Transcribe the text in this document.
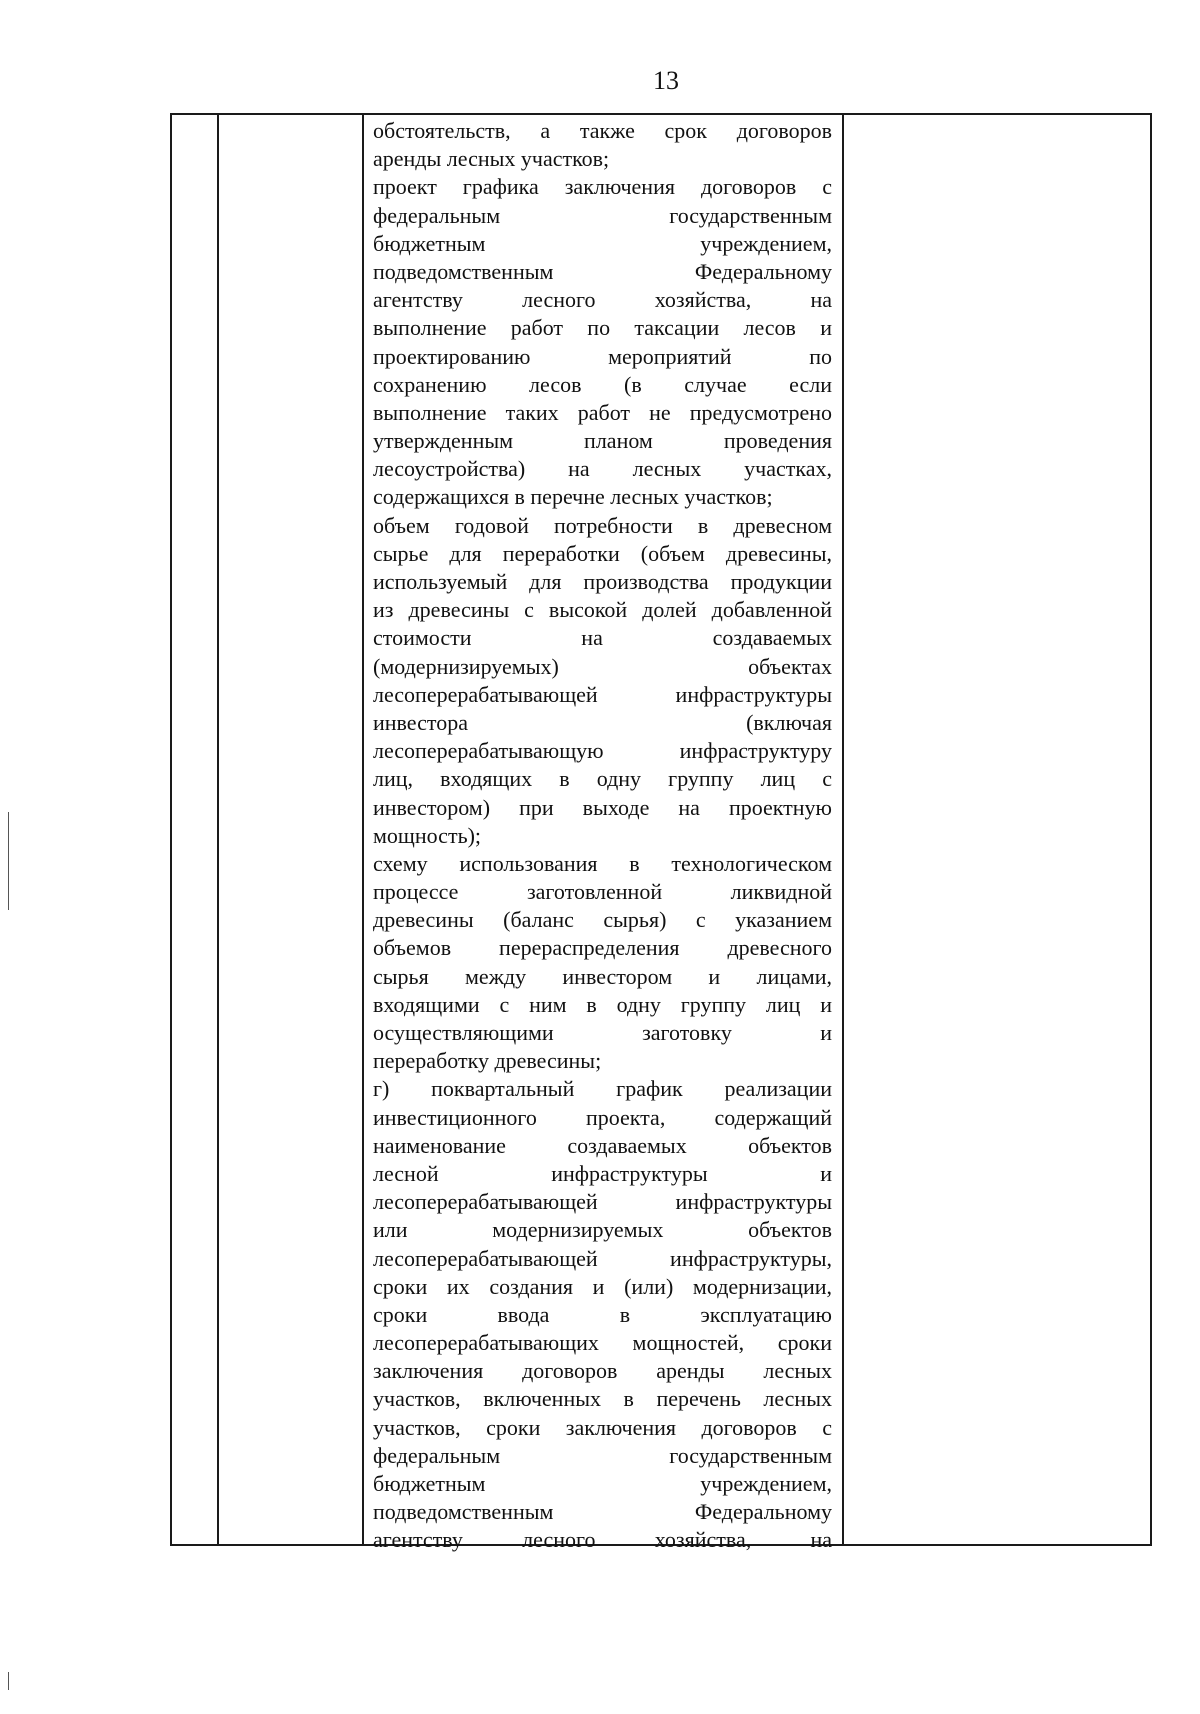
13
обстоятельств, а также срок договоров
аренды лесных участков;
проект графика заключения договоров с
федеральным государственным
бюджетным учреждением,
подведомственным Федеральному
агентству лесного хозяйства, на
выполнение работ по таксации лесов и
проектированию мероприятий по
сохранению лесов (в случае если
выполнение таких работ не предусмотрено
утвержденным планом проведения
лесоустройства) на лесных участках,
содержащихся в перечне лесных участков;
объем годовой потребности в древесном
сырье для переработки (объем древесины,
используемый для производства продукции
из древесины с высокой долей добавленной
стоимости на создаваемых
(модернизируемых) объектах
лесоперерабатывающей инфраструктуры
инвестора (включая
лесоперерабатывающую инфраструктуру
лиц, входящих в одну группу лиц с
инвестором) при выходе на проектную
мощность);
схему использования в технологическом
процессе заготовленной ликвидной
древесины (баланс сырья) с указанием
объемов перераспределения древесного
сырья между инвестором и лицами,
входящими с ним в одну группу лиц и
осуществляющими заготовку и
переработку древесины;
г) поквартальный график реализации
инвестиционного проекта, содержащий
наименование создаваемых объектов
лесной инфраструктуры и
лесоперерабатывающей инфраструктуры
или модернизируемых объектов
лесоперерабатывающей инфраструктуры,
сроки их создания и (или) модернизации,
сроки ввода в эксплуатацию
лесоперерабатывающих мощностей, сроки
заключения договоров аренды лесных
участков, включенных в перечень лесных
участков, сроки заключения договоров с
федеральным государственным
бюджетным учреждением,
подведомственным Федеральному
агентству лесного хозяйства, на
